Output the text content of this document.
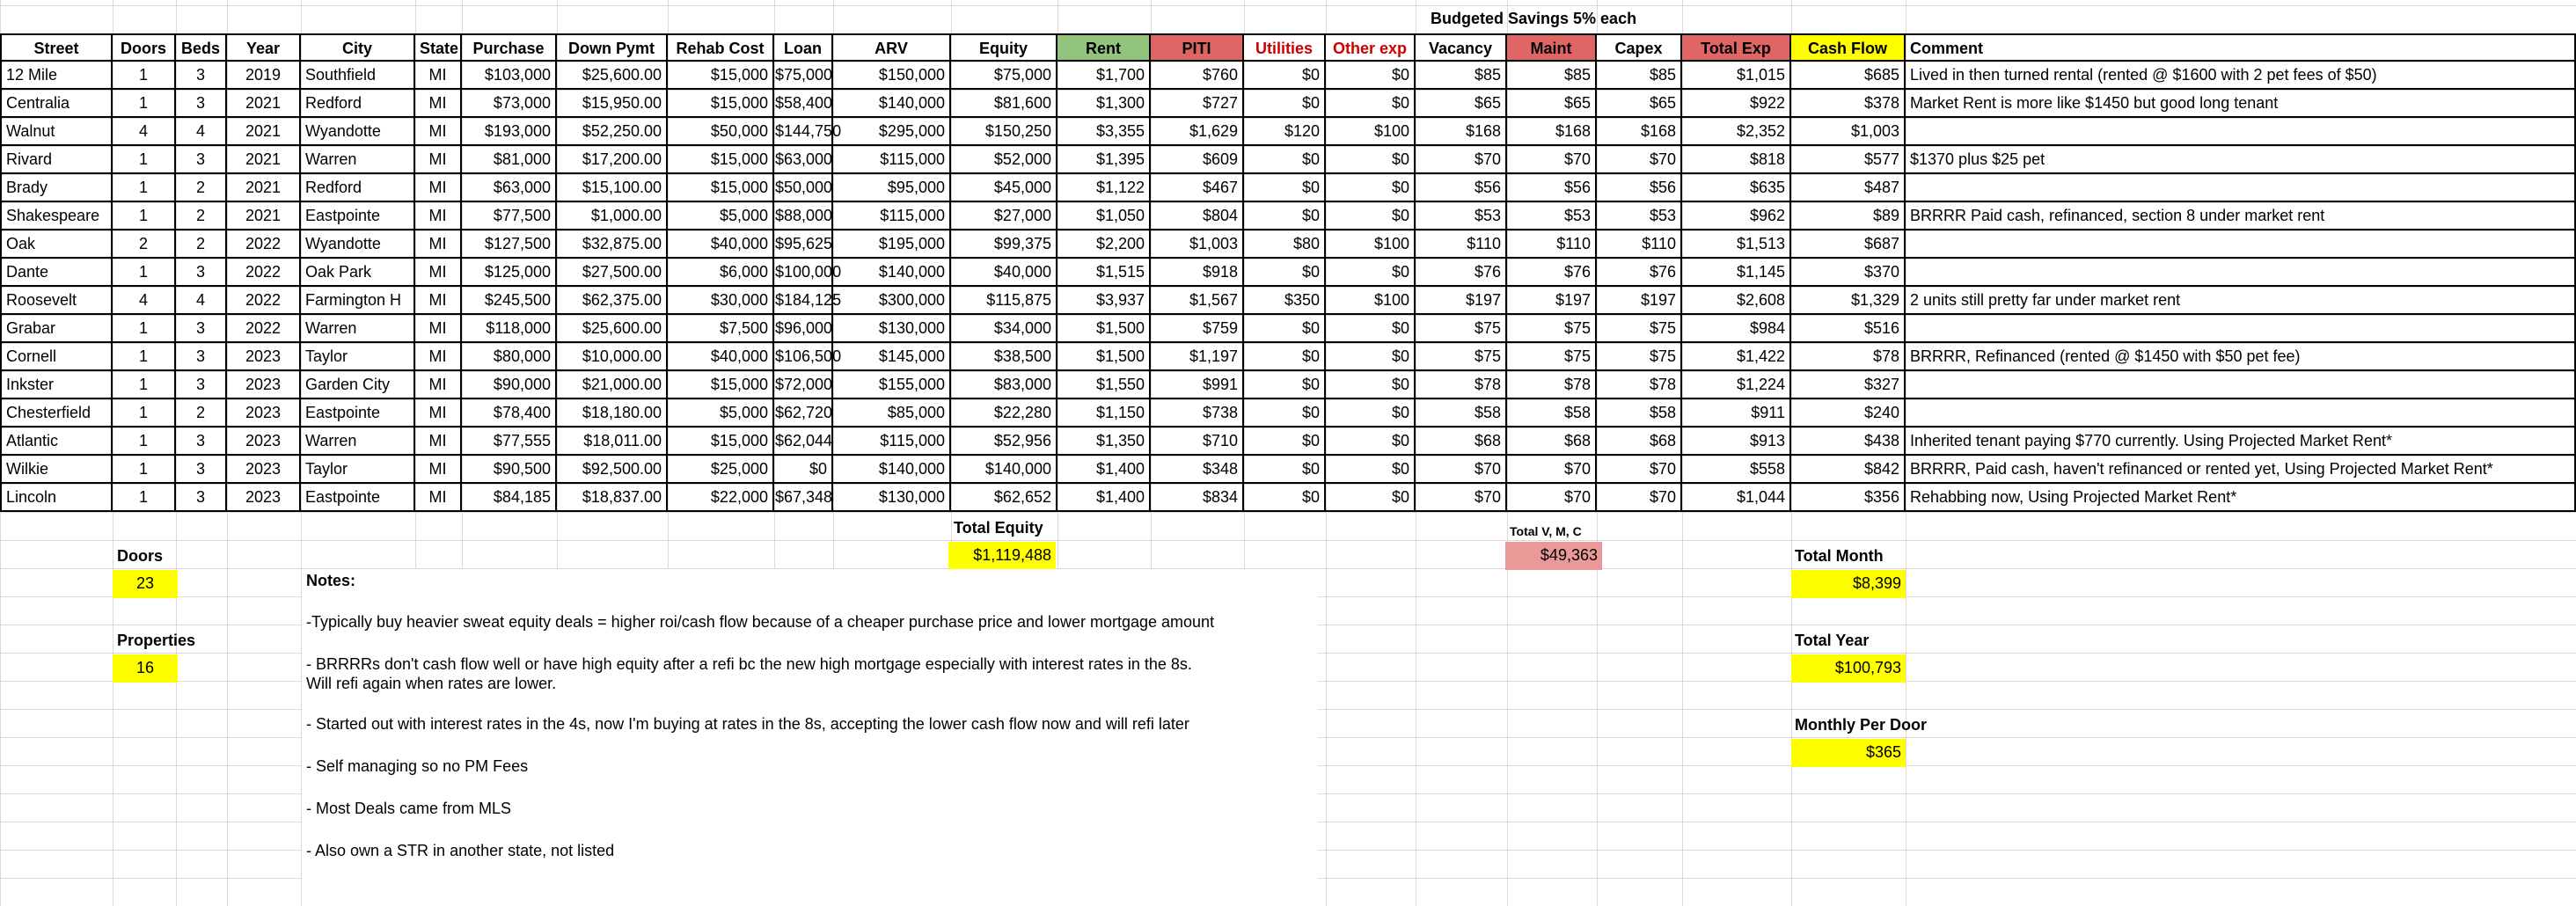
Budgeted Savings 5% each
Street	Doors Beds	Year	City	State Purchase	Down Pymt	Rehab Cost	Loan	ARV	Equity	Rent	PITI	Utilities	Other exp	Vacancy	Maint	Capex	Total Exp	Cash Flow	Comment
12 Mile	1	3	2019	Southfield	MI	$103,000	$25,600.00	$15,000 $75,000	$150,000	$75,000	$1,700	$760	$0	$0	$85	$85	$85	$1,015	$685 Lived in then turned rental (rented @ $1600 with 2 pet fees of $50)
Centralia	1	3	2021	Redford	MI	$73,000	$15,950.00	$15,000 $58,400	$140,000	$81,600	$1,300	$727	$0	$0	$65	$65	$65	$922	$378 Market Rent is more like $1450 but good long tenant
Walnut	4	4	2021	Wyandotte	MI	$193,000	$52,250.00	$50,000 $144,750	$295,000	$150,250	$3,355	$1,629	$120	$100	$168	$168	$168	$2,352	$1,003
Rivard	1	3	2021	Warren	MI	$81,000	$17,200.00	$15,000 $63,000	$115,000	$52,000	$1,395	$609	$0	$0	$70	$70	$70	$818	$577 $1370 plus $25 pet
Brady	1	2	2021	Redford	MI	$63,000	$15,100.00	$15,000 $50,000	$95,000	$45,000	$1,122	$467	$0	$0	$56	$56	$56	$635	$487
Shakespeare	1	2	2021	Eastpointe	MI	$77,500	$1,000.00	$5,000 $88,000	$115,000	$27,000	$1,050	$804	$0	$0	$53	$53	$53	$962	$89 BRRRR Paid cash, refinanced, section 8 under market rent
Oak	2	2	2022	Wyandotte	MI	$127,500	$32,875.00	$40,000 $95,625	$195,000	$99,375	$2,200	$1,003	$80	$100	$110	$110	$110	$1,513	$687
Dante	1	3	2022	Oak Park	MI	$125,000	$27,500.00	$6,000 $100,000	$140,000	$40,000	$1,515	$918	$0	$0	$76	$76	$76	$1,145	$370
Roosevelt	4	4	2022	Farmington H	MI	$245,500	$62,375.00	$30,000 $184,125	$300,000	$115,875	$3,937	$1,567	$350	$100	$197	$197	$197	$2,608	$1,329 2 units still pretty far under market rent
Grabar	1	3	2022	Warren	MI	$118,000	$25,600.00	$7,500 $96,000	$130,000	$34,000	$1,500	$759	$0	$0	$75	$75	$75	$984	$516
Cornell	1	3	2023	Taylor	MI	$80,000	$10,000.00	$40,000 $106,500	$145,000	$38,500	$1,500	$1,197	$0	$0	$75	$75	$75	$1,422	$78 BRRRR, Refinanced (rented @ $1450 with $50 pet fee)
Inkster	1	3	2023	Garden City	MI	$90,000	$21,000.00	$15,000 $72,000	$155,000	$83,000	$1,550	$991	$0	$0	$78	$78	$78	$1,224	$327
Chesterfield	1	2	2023	Eastpointe	MI	$78,400	$18,180.00	$5,000 $62,720	$85,000	$22,280	$1,150	$738	$0	$0	$58	$58	$58	$911	$240
Atlantic	1	3	2023	Warren	MI	$77,555	$18,011.00	$15,000 $62,044	$115,000	$52,956	$1,350	$710	$0	$0	$68	$68	$68	$913	$438 Inherited tenant paying $770 currently. Using Projected Market Rent*
Wilkie	1	3	2023	Taylor	MI	$90,500	$92,500.00	$25,000	$0	$140,000	$140,000	$1,400	$348	$0	$0	$70	$70	$70	$558	$842 BRRRR, Paid cash, haven't refinanced or rented yet, Using Projected Market Rent*
Lincoln	1	3	2023	Eastpointe	MI	$84,185	$18,837.00	$22,000 $67,348	$130,000	$62,652	$1,400	$834	$0	$0	$70	$70	$70	$1,044	$356 Rehabbing now, Using Projected Market Rent*
Total Equity
$1,119,488
Total V, M, C
$49,363
Doors
23
Properties
16
Total Month
$8,399
Total Year
$100,793
Monthly Per Door
$365
Notes:
-Typically buy heavier sweat equity deals = higher roi/cash flow because of a cheaper purchase price and lower mortgage amount
- BRRRRs don't cash flow well or have high equity after a refi bc the new high mortgage especially with interest rates in the 8s.
Will refi again when rates are lower.
- Started out with interest rates in the 4s, now I'm buying at rates in the 8s, accepting the lower cash flow now and will refi later
- Self managing so no PM Fees
- Most Deals came from MLS
- Also own a STR in another state, not listed
